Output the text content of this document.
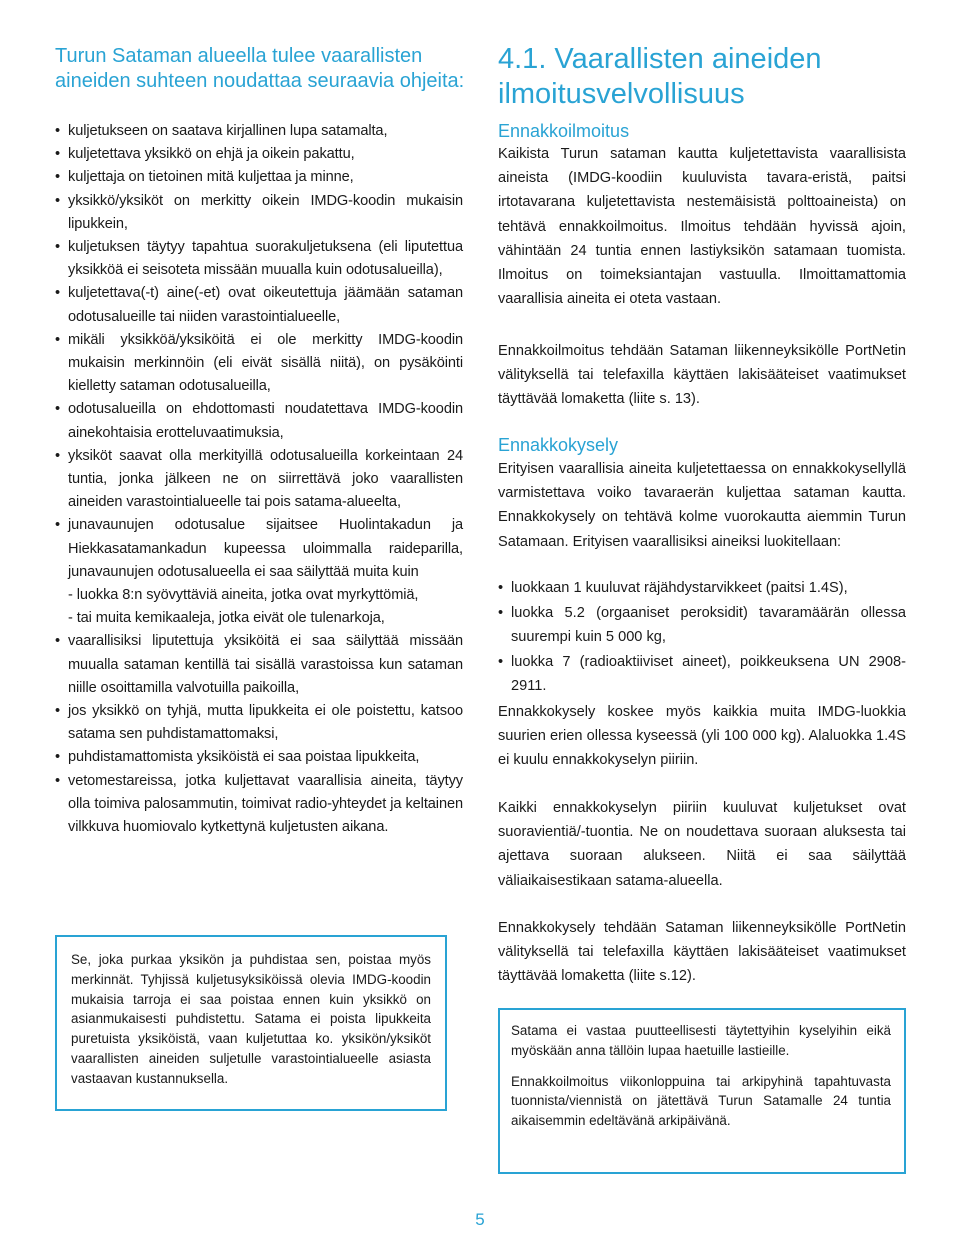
Turun Sataman alueella tulee vaarallisten aineiden suhteen noudattaa seuraavia ohjeita:
• kuljetukseen on saatava kirjallinen lupa satamalta,
• kuljetettava yksikkö on ehjä ja oikein pakattu,
• kuljettaja on tietoinen mitä kuljettaa ja minne,
• yksikkö/yksiköt on merkitty oikein IMDG-koodin mukaisin lipukkein,
• kuljetuksen täytyy tapahtua suorakuljetuksena (eli liputettua yksikköä ei seisoteta missään muualla kuin odotusalueilla),
• kuljetettava(-t) aine(-et) ovat oikeutettuja jäämään sataman odotusalueille tai niiden varastointialueelle,
• mikäli yksikköä/yksiköitä ei ole merkitty IMDG-koodin mukaisin merkinnöin (eli eivät sisällä niitä), on pysäköinti kielletty sataman odotusalueilla,
• odotusalueilla on ehdottomasti noudatettava IMDG-koodin ainekohtaisia erotteluvaatimuksia,
• yksiköt saavat olla merkityillä odotusalueilla korkeintaan 24 tuntia, jonka jälkeen ne on siirrettävä joko vaarallisten aineiden varastointialueelle tai pois satama-alueelta,
• junavaunujen odotusalue sijaitsee Huolintakadun ja Hiekkasatamankadun kupeessa uloimmalla raideparilla, junavaunujen odotusalueella ei saa säilyttää muita kuin
- luokka 8:n syövyttäviä aineita, jotka ovat myrkyttömiä,
- tai muita kemikaaleja, jotka eivät ole tulenarkoja,
• vaarallisiksi liputettuja yksiköitä ei saa säilyttää missään muualla sataman kentillä tai sisällä varastoissa kun sataman niille osoittamilla valvotuilla paikoilla,
• jos yksikkö on tyhjä, mutta lipukkeita ei ole poistettu, katsoo satama sen puhdistamattomaksi,
• puhdistamattomista yksiköistä ei saa poistaa lipukkeita,
• vetomestareissa, jotka kuljettavat vaarallisia aineita, täytyy olla toimiva palosammutin, toimivat radio-yhteydet ja keltainen vilkkuva huomiovalo kytkettynä kuljetusten aikana.
Se, joka purkaa yksikön ja puhdistaa sen, poistaa myös merkinnät. Tyhjissä kuljetusyksiköissä olevia IMDG-koodin mukaisia tarroja ei saa poistaa ennen kuin yksikkö on asianmukaisesti puhdistettu. Satama ei poista lipukkeita puretuista yksiköistä, vaan kuljetuttaa ko. yksikön/yksiköt vaarallisten aineiden suljetulle varastointialueelle asiasta vastaavan kustannuksella.
4.1. Vaarallisten aineiden ilmoitusvelvollisuus
Ennakkoilmoitus

Kaikista Turun sataman kautta kuljetettavista vaarallisista aineista (IMDG-koodiin kuuluvista tavara-eristä, paitsi irtotavarana kuljetettavista nestemäisistä polttoaineista) on tehtävä ennakkoilmoitus. Ilmoitus tehdään hyvissä ajoin, vähintään 24 tuntia ennen lastiyksikön satamaan tuomista. Ilmoitus on toimeksiantajan vastuulla. Ilmoittamattomia vaarallisia aineita ei oteta vastaan.

Ennakkoilmoitus tehdään Sataman liikenneyksikölle PortNetin välityksellä tai telefaxilla käyttäen lakisääteiset vaatimukset täyttävää lomaketta (liite s. 13).

Ennakkokysely

Erityisen vaarallisia aineita kuljetettaessa on ennakkokysellyllä varmistettava voiko tavaraerän kuljettaa sataman kautta. Ennakkokysely on tehtävä kolme vuorokautta aiemmin Turun Satamaan. Erityisen vaarallisiksi aineiksi luokitellaan:

• luokkaan 1 kuuluvat räjähdystarvikkeet (paitsi 1.4S),
• luokka 5.2 (orgaaniset peroksidit) tavaramäärän ollessa suurempi kuin 5 000 kg,
• luokka 7 (radioaktiiviset aineet), poikkeuksena UN 2908-2911.

Ennakkokysely koskee myös kaikkia muita IMDG-luokkia suurien erien ollessa kyseessä (yli 100 000 kg). Alaluokka 1.4S ei kuulu ennakkokyselyn piiriin.

Kaikki ennakkokyselyn piiriin kuuluvat kuljetukset ovat suoravientiä/-tuontia. Ne on noudettava suoraan aluksesta tai ajettava suoraan alukseen. Niitä ei saa säilyttää väliaikaisestikaan satama-alueella.

Ennakkokysely tehdään Sataman liikenneyksikölle PortNetin välityksellä tai telefaxilla käyttäen lakisääteiset vaatimukset täyttävää lomaketta (liite s.12).

Satama ei vastaa puutteellisesti täytettyihin kyselyihin eikä myöskään anna tällöin lupaa haetuille lastieille.

Ennakkoilmoitus viikonloppuina tai arkipyhinä tapahtuvasta tuonnista/viennistä on jätettävä Turun Satamalle 24 tuntia aikaisemmin edeltävänä arkipäivänä.

5
